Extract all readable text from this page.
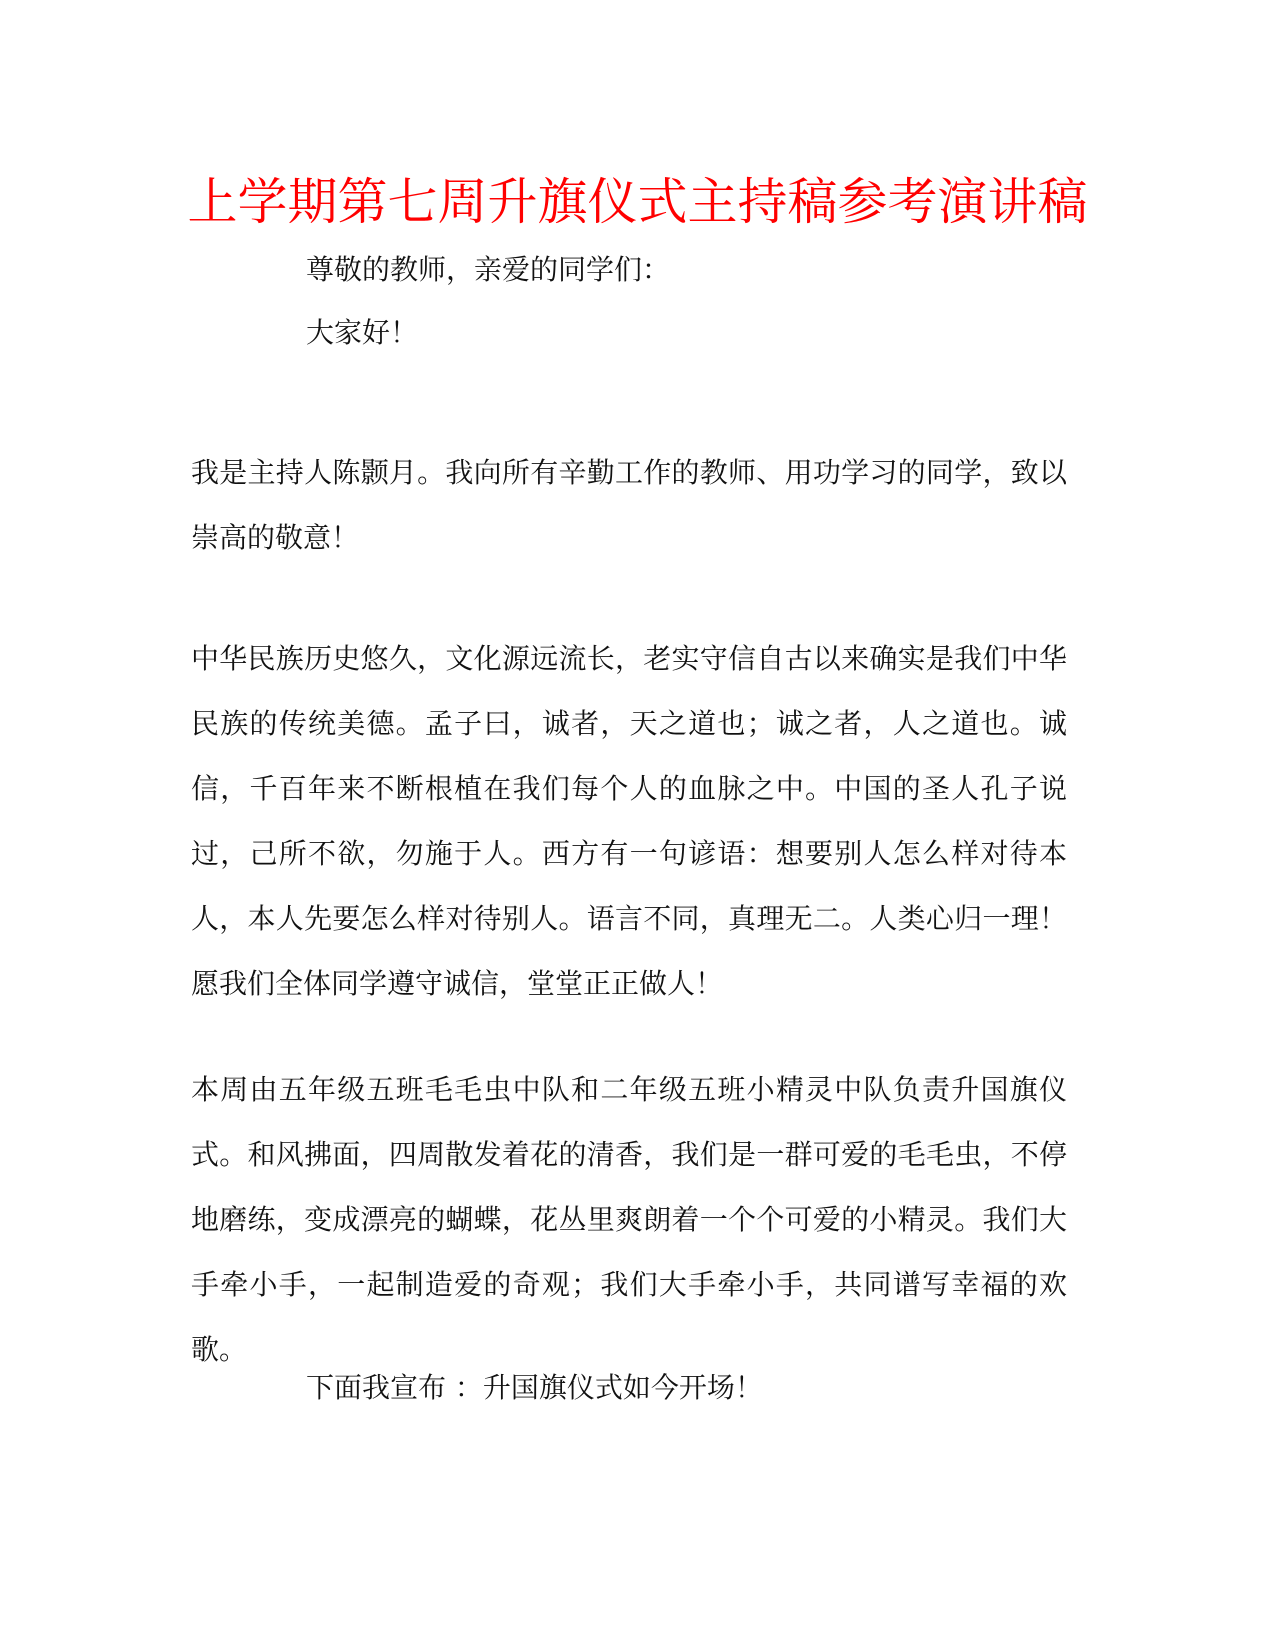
上学期第七周升旗仪式主持稿参考演讲稿
尊敬的教师，亲爱的同学们：
大家好！

我是主持人陈颢月。我向所有辛勤工作的教师、用功学习的同学，致以崇高的敬意！

中华民族历史悠久，文化源远流长，老实守信自古以来确实是我们中华民族的传统美德。孟子曰，诚者，天之道也；诚之者，人之道也。诚信，千百年来不断根植在我们每个人的血脉之中。中国的圣人孔子说过，己所不欲，勿施于人。西方有一句谚语：想要别人怎么样对待本人，本人先要怎么样对待别人。语言不同，真理无二。人类心归一理！愿我们全体同学遵守诚信，堂堂正正做人！

本周由五年级五班毛毛虫中队和二年级五班小精灵中队负责升国旗仪式。和风拂面，四周散发着花的清香，我们是一群可爱的毛毛虫，不停地磨练，变成漂亮的蝴蝶，花丛里爽朗着一个个可爱的小精灵。我们大手牵小手，一起制造爱的奇观；我们大手牵小手，共同谱写幸福的欢歌。

下面我宣布 ：升国旗仪式如今开场！
